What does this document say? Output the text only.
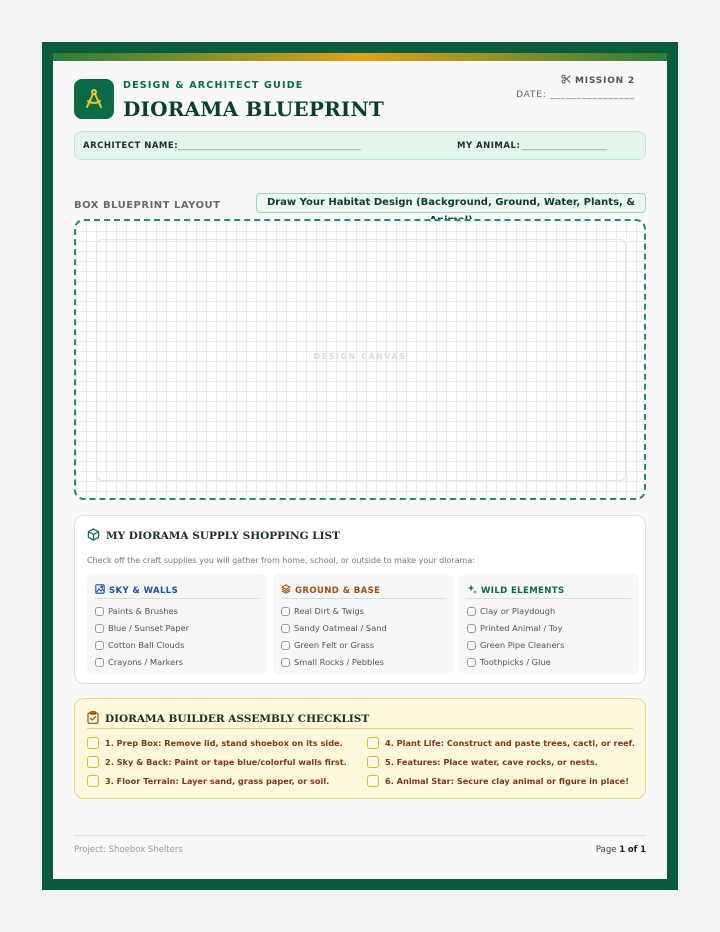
DESIGN & ARCHITECT GUIDE
DIORAMA BLUEPRINT
MISSION 2
DATE: ________________
ARCHITECT NAME: ___________________________________________	MY ANIMAL: ____________________
BOX BLUEPRINT LAYOUT	Draw Your Habitat Design (Background, Ground, Water, Plants, &
DESIGN CANVAS
MY DIORAMA SUPPLY SHOPPING LIST
Check off the craft supplies you will gather from home, school, or outside to make your diorama:
SKY & WALLS
Paints & Brushes
Blue / Sunset Paper
Cotton Ball Clouds
Crayons / Markers
GROUND & BASE
Real Dirt & Twigs
Sandy Oatmeal / Sand
Green Felt or Grass
Small Rocks / Pebbles
WILD ELEMENTS
Clay or Playdough
Printed Animal / Toy
Green Pipe Cleaners
Toothpicks / Glue
DIORAMA BUILDER ASSEMBLY CHECKLIST
1. Prep Box: Remove lid, stand shoebox on its side.
2. Sky & Back: Paint or tape blue/colorful walls first.
3. Floor Terrain: Layer sand, grass paper, or soil.
4. Plant Life: Construct and paste trees, cacti, or reef.
5. Features: Place water, cave rocks, or nests.
6. Animal Star: Secure clay animal or figure in place!
Project: Shoebox Shelters	Page 1 of 1
